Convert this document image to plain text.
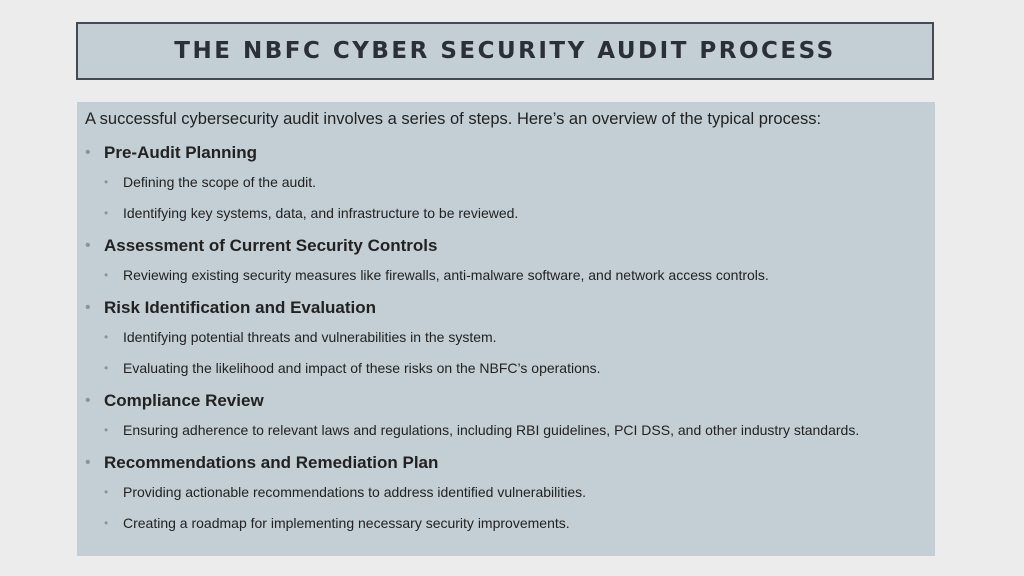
THE NBFC CYBER SECURITY AUDIT PROCESS
A successful cybersecurity audit involves a series of steps. Here’s an overview of the typical process:
• Pre-Audit Planning
•	Defining the scope of the audit.
•	Identifying key systems, data, and infrastructure to be reviewed.
• Assessment of Current Security Controls
•	Reviewing existing security measures like firewalls, anti-malware software, and network access controls.
• Risk Identification and Evaluation
•	Identifying potential threats and vulnerabilities in the system.
•	Evaluating the likelihood and impact of these risks on the NBFC’s operations.
• Compliance Review
•	Ensuring adherence to relevant laws and regulations, including RBI guidelines, PCI DSS, and other industry standards.
• Recommendations and Remediation Plan
•	Providing actionable recommendations to address identified vulnerabilities.
•	Creating a roadmap for implementing necessary security improvements.
